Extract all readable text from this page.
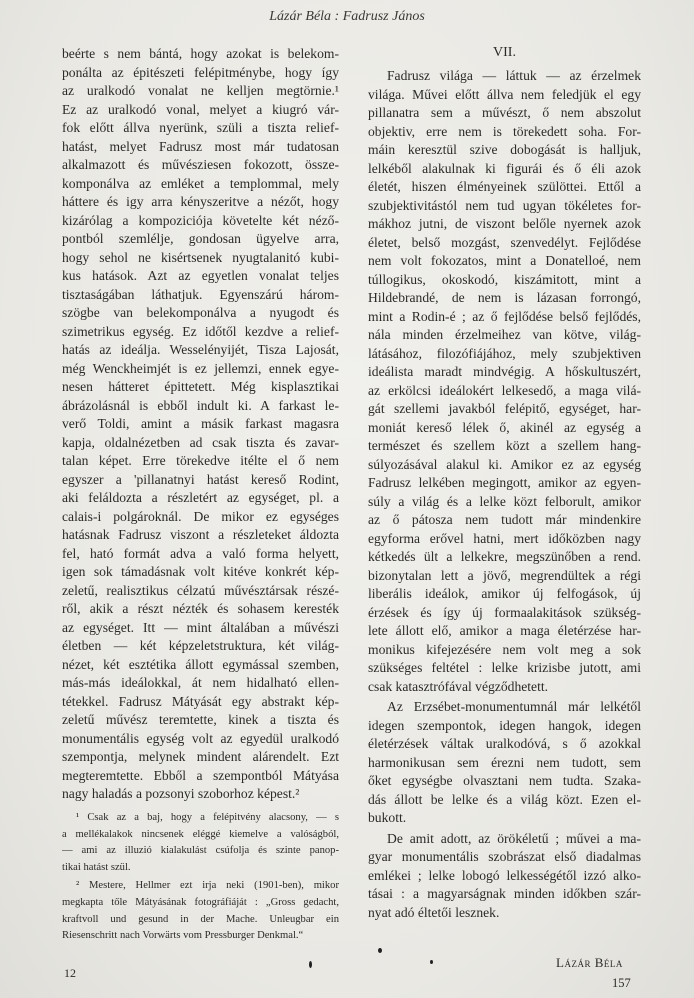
Lázár Béla : Fadrusz János
VII.
beérte s nem bántá, hogy azokat is belekom-
ponálta az épitészeti felépitménybe, hogy így
az uralkodó vonalat ne kelljen megtörnie.¹
Ez az uralkodó vonal, melyet a kiugró vár-
fok előtt állva nyerünk, szüli a tiszta relief-
hatást, melyet Fadrusz most már tudatosan
alkalmazott és művésziesen fokozott, össze-
komponálva az emléket a templommal, mely
háttere és igy arra kényszeritve a nézőt, hogy
kizárólag a kompoziciója követelte két néző-
pontból szemlélje, gondosan ügyelve arra,
hogy sehol ne kisértsenek nyugtalanitó kubi-
kus hatások. Azt az egyetlen vonalat teljes
tisztaságában láthatjuk. Egyenszárú három-
szögbe van belekomponálva a nyugodt és
szimetrikus egység. Ez időtől kezdve a relief-
hatás az ideálja. Wesselényijét, Tisza Lajosát,
még Wenckheimjét is ez jellemzi, ennek egye-
nesen hátteret épittetett. Még kisplasztikai
ábrázolásnál is ebből indult ki. A farkast le-
verő Toldi, amint a másik farkast magasra
kapja, oldalnézetben ad csak tiszta és zavar-
talan képet. Erre törekedve itélte el ő nem
egyszer a 'pillanatnyi hatást kereső Rodint,
aki feláldozta a részletért az egységet, pl. a
calais-i polgároknál. De mikor ez egységes
hatásnak Fadrusz viszont a részleteket áldozta
fel, ható formát adva a való forma helyett,
igen sok támadásnak volt kitéve konkrét kép-
zeletű, realisztikus célzatú művésztársak részé-
ről, akik a részt nézték és sohasem keresték
az egységet. Itt — mint általában a művészi
életben — két képzeletstruktura, két világ-
nézet, két esztétika állott egymással szemben,
más-más ideálokkal, át nem hidalható ellen-
tétekkel. Fadrusz Mátyását egy abstrakt kép-
zeletű művész teremtette, kinek a tiszta és
monumentális egység volt az egyedül uralkodó
szempontja, melynek mindent alárendelt. Ezt
megteremtette. Ebből a szempontból Mátyása
nagy haladás a pozsonyi szoborhoz képest.²
Fadrusz világa — láttuk — az érzelmek
világa. Művei előtt állva nem feledjük el egy
pillanatra sem a művészt, ő nem abszolut
objektiv, erre nem is törekedett soha. For-
máin keresztül szive dobogását is halljuk,
lelkéből alakulnak ki figurái és ő éli azok
életét, hiszen élményeinek szülöttei. Ettől a
szubjektivitástól nem tud ugyan tökéletes for-
mákhoz jutni, de viszont belőle nyernek azok
életet, belső mozgást, szenvedélyt. Fejlődése
nem volt fokozatos, mint a Donatelloé, nem
túllogikus, okoskodó, kiszámitott, mint a
Hildebrandé, de nem is lázasan forrongó,
mint a Rodin-é ; az ő fejlődése belső fejlődés,
nála minden érzelmeihez van kötve, világ-
látásához, filozófiájához, mely szubjektiven
ideálista maradt mindvégig. A hőskultuszért,
az erkölcsi ideálokért lelkesedő, a maga vilá-
gát szellemi javakból felépitő, egységet, har-
moniát kereső lélek ő, akinél az egység a
természet és szellem közt a szellem hang-
súlyozásával alakul ki. Amikor ez az egység
Fadrusz lelkében megingott, amikor az egyen-
súly a világ és a lelke közt felborult, amikor
az ő pátosza nem tudott már mindenkire
egyforma erővel hatni, mert időközben nagy
kétkedés ült a lelkekre, megszünőben a rend.
bizonytalan lett a jövő, megrendültek a régi
liberális ideálok, amikor új felfogások, új
érzések és így új formaalakitások szükség-
lete állott elő, amikor a maga életérzése har-
monikus kifejezésére nem volt meg a sok
szükséges feltétel : lelke krizisbe jutott, ami
csak katasztrófával végződhetett.
Az Erzsébet-monumentumnál már lelkétől
idegen szempontok, idegen hangok, idegen
életérzések váltak uralkodóvá, s ő azokkal
harmonikusan sem érezni nem tudott, sem
őket egységbe olvasztani nem tudta. Szaka-
dás állott be lelke és a világ közt. Ezen el-
bukott.
De amit adott, az örökéletű ; művei a ma-
gyar monumentális szobrászat első diadalmas
emlékei ; lelke lobogó lelkességétől izzó alko-
tásai : a magyarságnak minden időkben szár-
nyat adó éltetői lesznek.
¹ Csak az a baj, hogy a felépitvény alacsony, — s
a mellékalakok nincsenek eléggé kiemelve a valóságból,
— ami az illuzió kialakulást csúfolja és szinte panop-
tikai hatást szül.
² Mestere, Hellmer ezt irja neki (1901-ben), mikor
megkapta tőle Mátyásának fotográfiáját : „Gross gedacht,
kraftvoll und gesund in der Mache. Unleugbar ein
Riesenschritt nach Vorwärts vom Pressburger Denkmal.“
12
Lázár Béla
157
